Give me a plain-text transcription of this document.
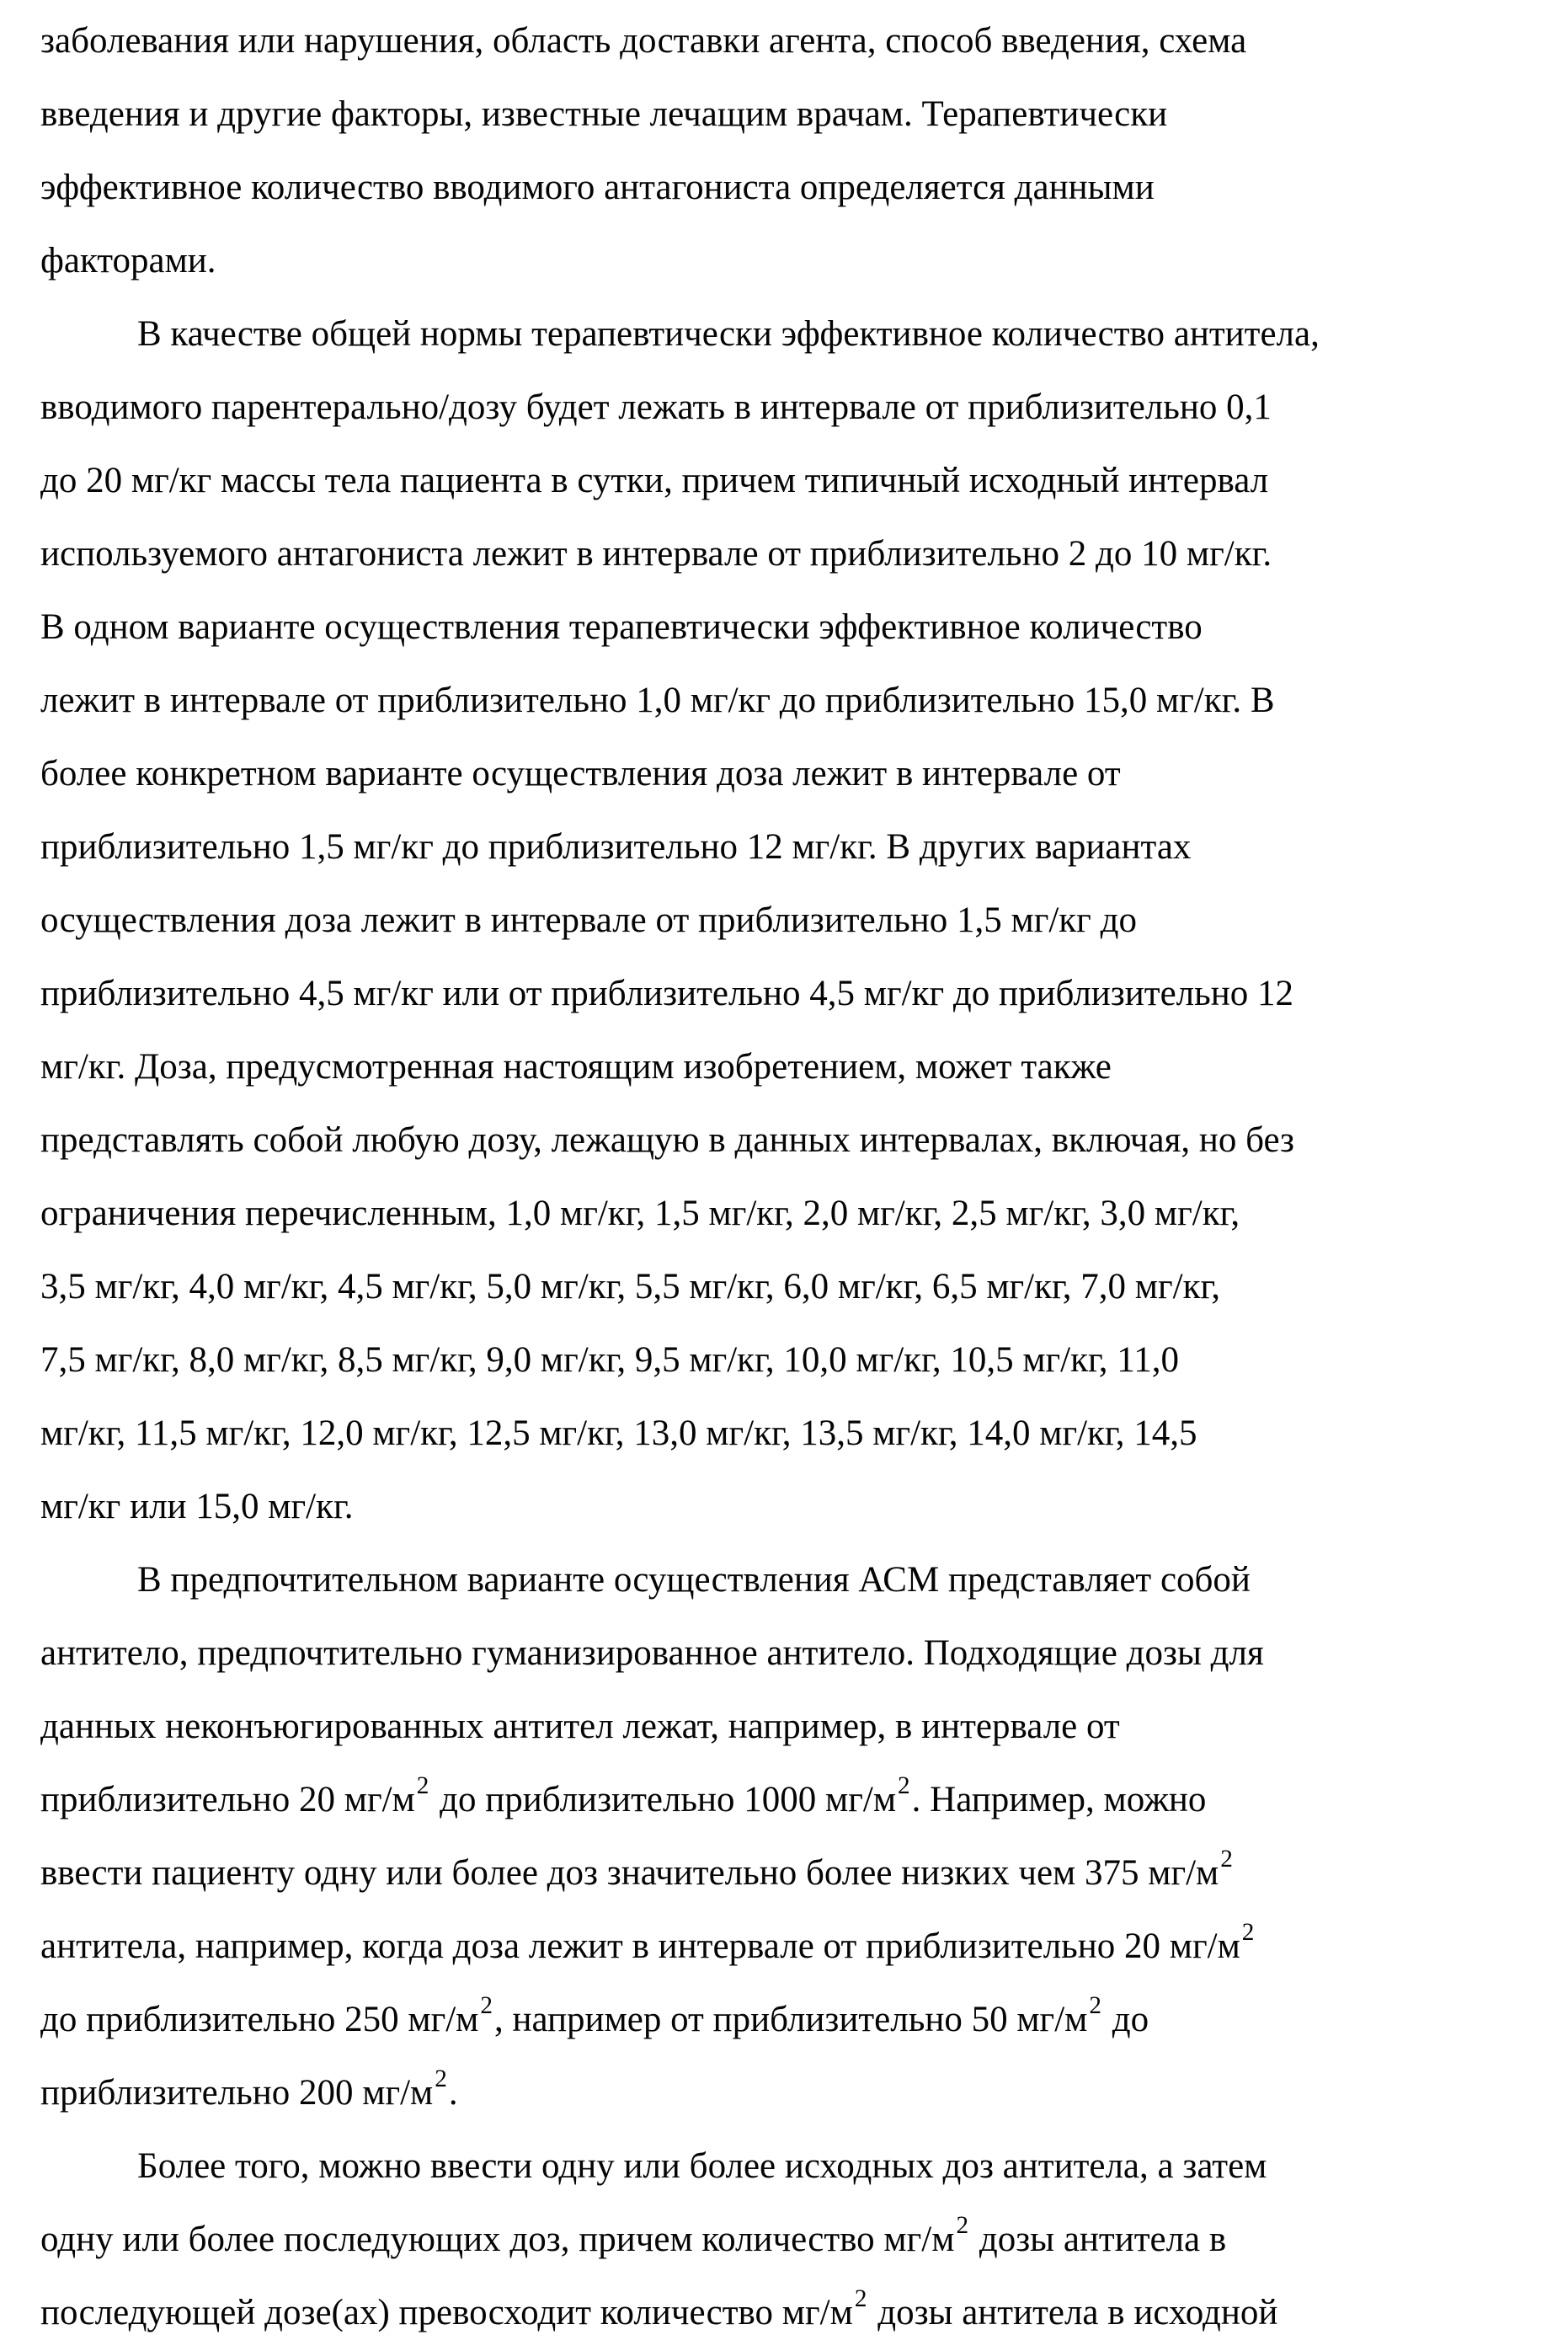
заболевания или нарушения, область доставки агента, способ введения, схема
введения и другие факторы, известные лечащим врачам. Терапевтически
эффективное количество вводимого антагониста определяется данными
факторами.
В качестве общей нормы терапевтически эффективное количество антитела,
вводимого парентерально/дозу будет лежать в интервале от приблизительно 0,1
до 20 мг/кг массы тела пациента в сутки, причем типичный исходный интервал
используемого антагониста лежит в интервале от приблизительно 2 до 10 мг/кг.
В одном варианте осуществления терапевтически эффективное количество
лежит в интервале от приблизительно 1,0 мг/кг до приблизительно 15,0 мг/кг. В
более конкретном варианте осуществления доза лежит в интервале от
приблизительно 1,5 мг/кг до приблизительно 12 мг/кг. В других вариантах
осуществления доза лежит в интервале от приблизительно 1,5 мг/кг до
приблизительно 4,5 мг/кг или от приблизительно 4,5 мг/кг до приблизительно 12
мг/кг. Доза, предусмотренная настоящим изобретением, может также
представлять собой любую дозу, лежащую в данных интервалах, включая, но без
ограничения перечисленным, 1,0 мг/кг, 1,5 мг/кг, 2,0 мг/кг, 2,5 мг/кг, 3,0 мг/кг,
3,5 мг/кг, 4,0 мг/кг, 4,5 мг/кг, 5,0 мг/кг, 5,5 мг/кг, 6,0 мг/кг, 6,5 мг/кг, 7,0 мг/кг,
7,5 мг/кг, 8,0 мг/кг, 8,5 мг/кг, 9,0 мг/кг, 9,5 мг/кг, 10,0 мг/кг, 10,5 мг/кг, 11,0
мг/кг, 11,5 мг/кг, 12,0 мг/кг, 12,5 мг/кг, 13,0 мг/кг, 13,5 мг/кг, 14,0 мг/кг, 14,5
мг/кг или 15,0 мг/кг.
В предпочтительном варианте осуществления АСМ представляет собой
антитело, предпочтительно гуманизированное антитело. Подходящие дозы для
данных неконъюгированных антител лежат, например, в интервале от
приблизительно 20 мг/м2 до приблизительно 1000 мг/м2. Например, можно
ввести пациенту одну или более доз значительно более низких чем 375 мг/м2
антитела, например, когда доза лежит в интервале от приблизительно 20 мг/м2
до приблизительно 250 мг/м2, например от приблизительно 50 мг/м2 до
приблизительно 200 мг/м2.
Более того, можно ввести одну или более исходных доз антитела, а затем
одну или более последующих доз, причем количество мг/м2 дозы антитела в
последующей дозе(ах) превосходит количество мг/м2 дозы антитела в исходной
